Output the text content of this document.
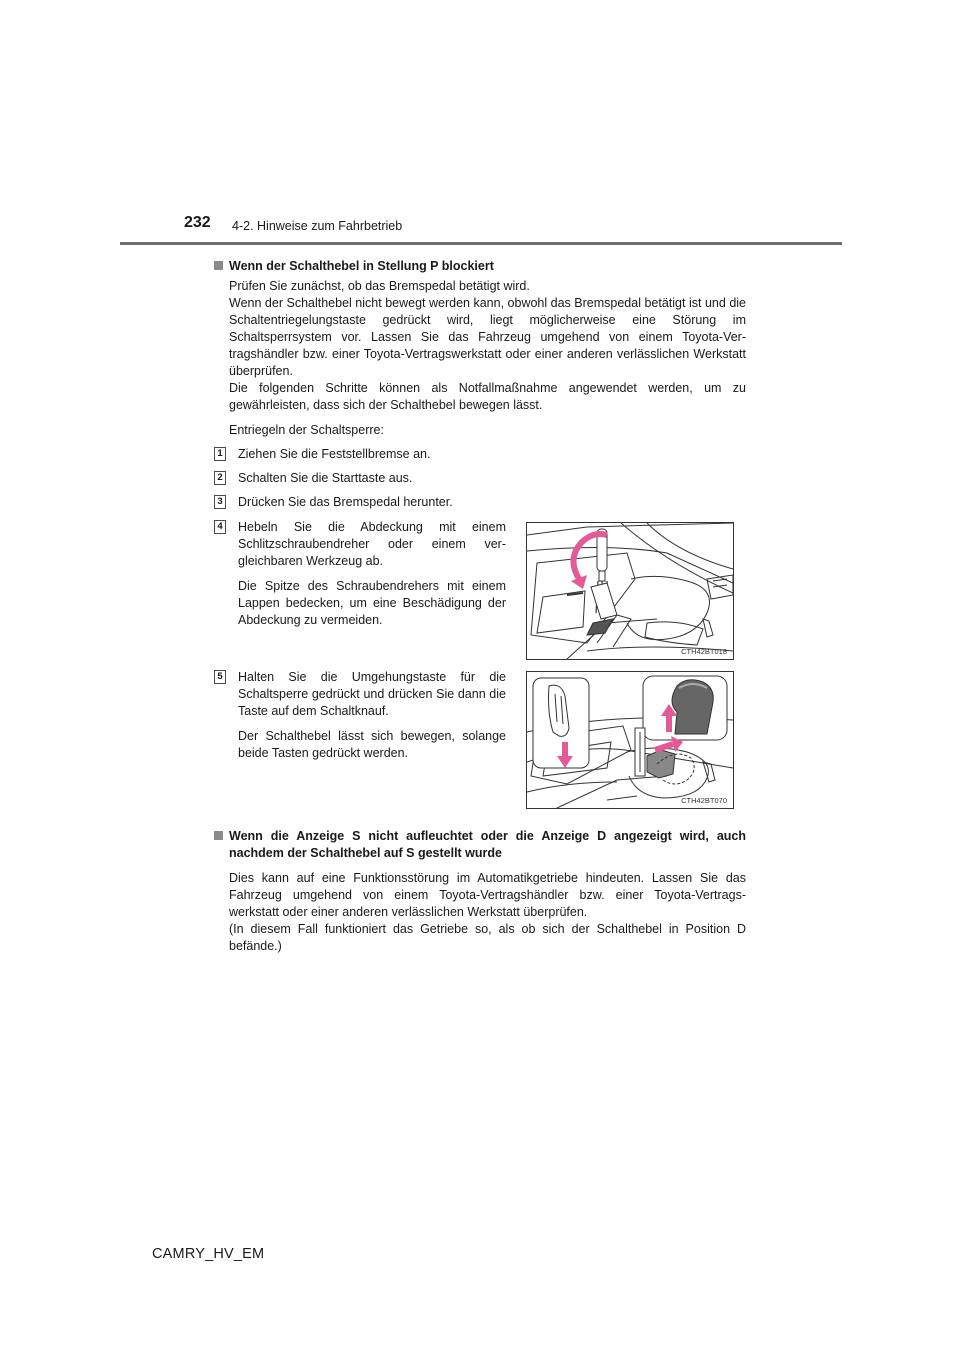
232 4-2. Hinweise zum Fahrbetrieb
Wenn der Schalthebel in Stellung P blockiert
Prüfen Sie zunächst, ob das Bremspedal betätigt wird.
Wenn der Schalthebel nicht bewegt werden kann, obwohl das Bremspedal betätigt ist und die Schaltentriegelungstaste gedrückt wird, liegt möglicherweise eine Störung im Schaltsperrsystem vor. Lassen Sie das Fahrzeug umgehend von einem Toyota-Ver- tragshändler bzw. einer Toyota-Vertragswerkstatt oder einer anderen verlässlichen Werkstatt überprüfen.
Die folgenden Schritte können als Notfallmaßnahme angewendet werden, um zu gewährleisten, dass sich der Schalthebel bewegen lässt.
Entriegeln der Schaltsperre:
1 Ziehen Sie die Feststellbremse an.
2 Schalten Sie die Starttaste aus.
3 Drücken Sie das Bremspedal herunter.
4 Hebeln Sie die Abdeckung mit einem Schlitzschraubendreher oder einem ver- gleichbaren Werkzeug ab.
Die Spitze des Schraubendrehers mit einem Lappen bedecken, um eine Beschädigung der Abdeckung zu vermeiden.
CTH42BT018
5 Halten Sie die Umgehungstaste für die Schaltsperre gedrückt und drücken Sie dann die Taste auf dem Schaltknauf.
Der Schalthebel lässt sich bewegen, solange beide Tasten gedrückt werden.
CTH42BT070
Wenn die Anzeige S nicht aufleuchtet oder die Anzeige D angezeigt wird, auch nachdem der Schalthebel auf S gestellt wurde
Dies kann auf eine Funktionsstörung im Automatikgetriebe hindeuten. Lassen Sie das Fahrzeug umgehend von einem Toyota-Vertragshändler bzw. einer Toyota-Vertrags- werkstatt oder einer anderen verlässlichen Werkstatt überprüfen.
(In diesem Fall funktioniert das Getriebe so, als ob sich der Schalthebel in Position D befände.)
CAMRY_HV_EM
